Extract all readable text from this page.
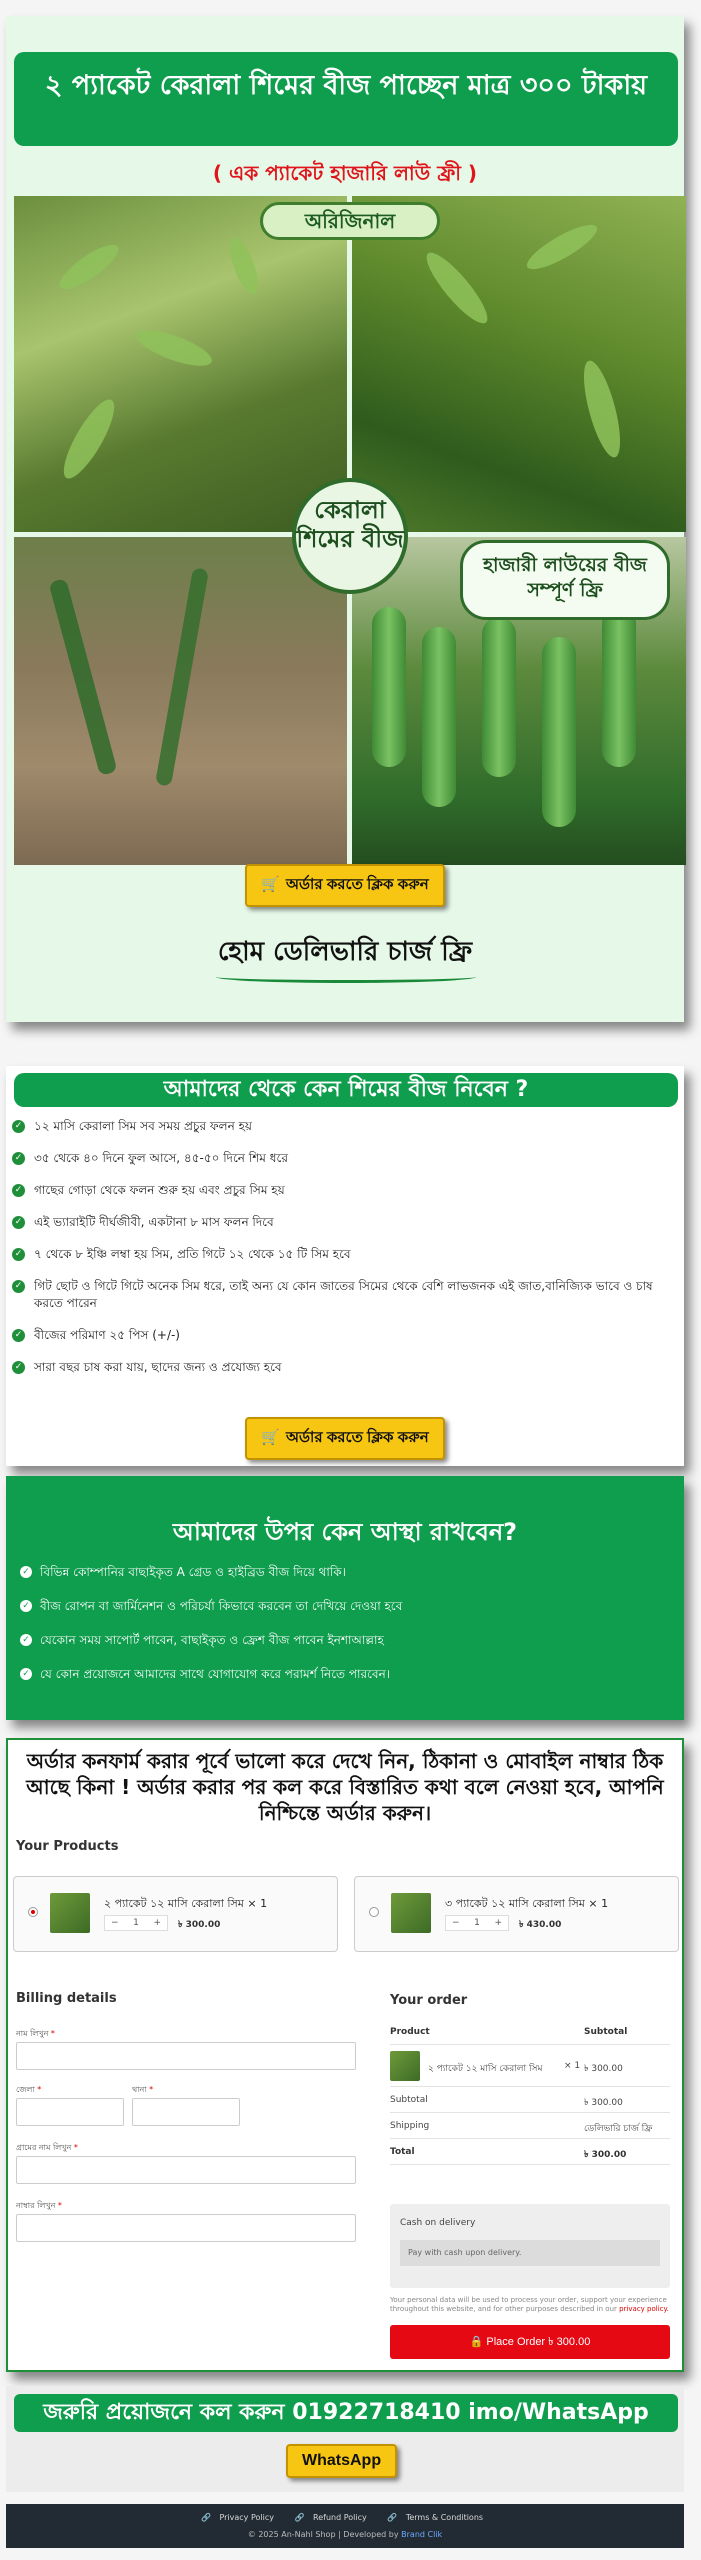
২ প্যাকেট কেরালা শিমের বীজ পাচ্ছেন মাত্র ৩০০ টাকায়
( এক প্যাকেট হাজারি লাউ ফ্রী )
অরিজিনাল
কেরালা শিমের বীজ
হাজারী লাউয়ের বীজ সম্পূর্ণ ফ্রি
🛒 অর্ডার করতে ক্লিক করুন
হোম ডেলিভারি চার্জ ফ্রি
আমাদের থেকে কেন শিমের বীজ নিবেন ?
✓ ১২ মাসি কেরালা সিম সব সময় প্রচুর ফলন হয়
✓ ৩৫ থেকে ৪০ দিনে ফুল আসে, ৪৫-৫০ দিনে শিম ধরে
✓ গাছের গোড়া থেকে ফলন শুরু হয় এবং প্রচুর সিম হয়
✓ এই ভ্যারাইটি দীর্ঘজীবী, একটানা ৮ মাস ফলন দিবে
✓ ৭ থেকে ৮ ইঞ্চি লম্বা হয় সিম, প্রতি গিটে ১২ থেকে ১৫ টি সিম হবে
✓ গিট ছোট ও গিটে গিটে অনেক সিম ধরে, তাই অন্য যে কোন জাতের সিমের থেকে বেশি লাভজনক এই জাত,বানিজ্যিক ভাবে ও চাষ করতে পারেন
✓ বীজের পরিমাণ ২৫ পিস (+/-)
✓ সারা বছর চাষ করা যায়, ছাদের জন্য ও প্রযোজ্য হবে
🛒 অর্ডার করতে ক্লিক করুন
আমাদের উপর কেন আস্থা রাখবেন?
✓ বিভিন্ন কোম্পানির বাছাইকৃত A গ্রেড ও হাইব্রিড বীজ দিয়ে থাকি।
✓ বীজ রোপন বা জার্মিনেশন ও পরিচর্যা কিভাবে করবেন তা দেখিয়ে দেওয়া হবে
✓ যেকোন সময় সাপোর্ট পাবেন, বাছাইকৃত ও ফ্রেশ বীজ পাবেন ইনশাআল্লাহ
✓ যে কোন প্রয়োজনে আমাদের সাথে যোগাযোগ করে পরামর্শ নিতে পারবেন।
অর্ডার কনফার্ম করার পূর্বে ভালো করে দেখে নিন, ঠিকানা ও মোবাইল নাম্বার ঠিক আছে কিনা ! অর্ডার করার পর কল করে বিস্তারিত কথা বলে নেওয়া হবে, আপনি নিশ্চিন্তে অর্ডার করুন।
Your Products
২ প্যাকেট ১২ মাসি কেরালা সিম × 1
− 1 + ৳ 300.00
৩ প্যাকেট ১২ মাসি কেরালা সিম × 1
− 1 + ৳ 430.00
Billing details
নাম লিখুন *
জেলা *	থানা *
গ্রামের নাম লিখুন *
নাম্বার লিখুন *
Your order
Product	Subtotal
২ প্যাকেট ১২ মাসি কেরালা সিম × 1 ৳ 300.00
Subtotal	৳ 300.00
Shipping	ডেলিভারি চার্জ ফ্রি
Total	৳ 300.00
Cash on delivery
Pay with cash upon delivery.
Your personal data will be used to process your order, support your experience throughout this website, and for other purposes described in our privacy policy.
🔒 Place Order ৳ 300.00
জরুরি প্রয়োজনে কল করুন 01922718410 imo/WhatsApp
WhatsApp
🔗 Privacy Policy	🔗 Refund Policy	🔗 Terms & Conditions
© 2025 An-Nahl Shop | Developed by Brand Clik
